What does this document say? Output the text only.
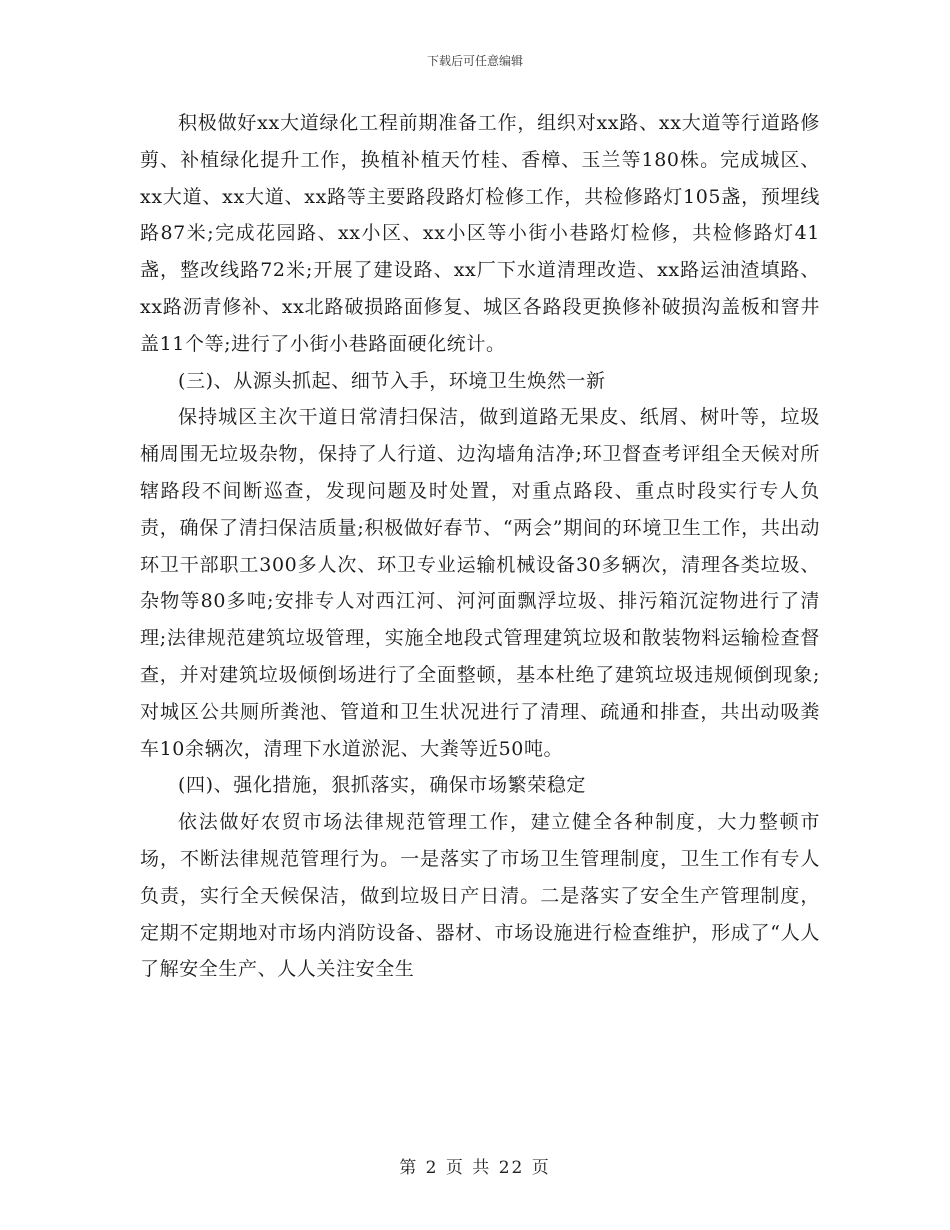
下载后可任意编辑

积极做好xx大道绿化工程前期准备工作，组织对xx路、xx大道等行道路修剪、补植绿化提升工作，换植补植天竹桂、香樟、玉兰等180株。完成城区、xx大道、xx大道、xx路等主要路段路灯检修工作，共检修路灯105盏，预埋线路87米;完成花园路、xx小区、xx小区等小街小巷路灯检修，共检修路灯41盏，整改线路72米;开展了建设路、xx厂下水道清理改造、xx路运油渣填路、xx路沥青修补、xx北路破损路面修复、城区各路段更换修补破损沟盖板和窨井盖11个等;进行了小街小巷路面硬化统计。

(三)、从源头抓起、细节入手，环境卫生焕然一新

保持城区主次干道日常清扫保洁，做到道路无果皮、纸屑、树叶等，垃圾桶周围无垃圾杂物，保持了人行道、边沟墙角洁净;环卫督查考评组全天候对所辖路段不间断巡查，发现问题及时处置，对重点路段、重点时段实行专人负责，确保了清扫保洁质量;积极做好春节、“两会”期间的环境卫生工作，共出动环卫干部职工300多人次、环卫专业运输机械设备30多辆次，清理各类垃圾、杂物等80多吨;安排专人对西江河、河河面飘浮垃圾、排污箱沉淀物进行了清理;法律规范建筑垃圾管理，实施全地段式管理建筑垃圾和散装物料运输检查督查，并对建筑垃圾倾倒场进行了全面整顿，基本杜绝了建筑垃圾违规倾倒现象;对城区公共厕所粪池、管道和卫生状况进行了清理、疏通和排查，共出动吸粪车10余辆次，清理下水道淤泥、大粪等近50吨。

(四)、强化措施，狠抓落实，确保市场繁荣稳定

依法做好农贸市场法律规范管理工作，建立健全各种制度，大力整顿市场，不断法律规范管理行为。一是落实了市场卫生管理制度，卫生工作有专人负责，实行全天候保洁，做到垃圾日产日清。二是落实了安全生产管理制度，定期不定期地对市场内消防设备、器材、市场设施进行检查维护，形成了“人人了解安全生产、人人关注安全生

第 2 页 共 22 页
